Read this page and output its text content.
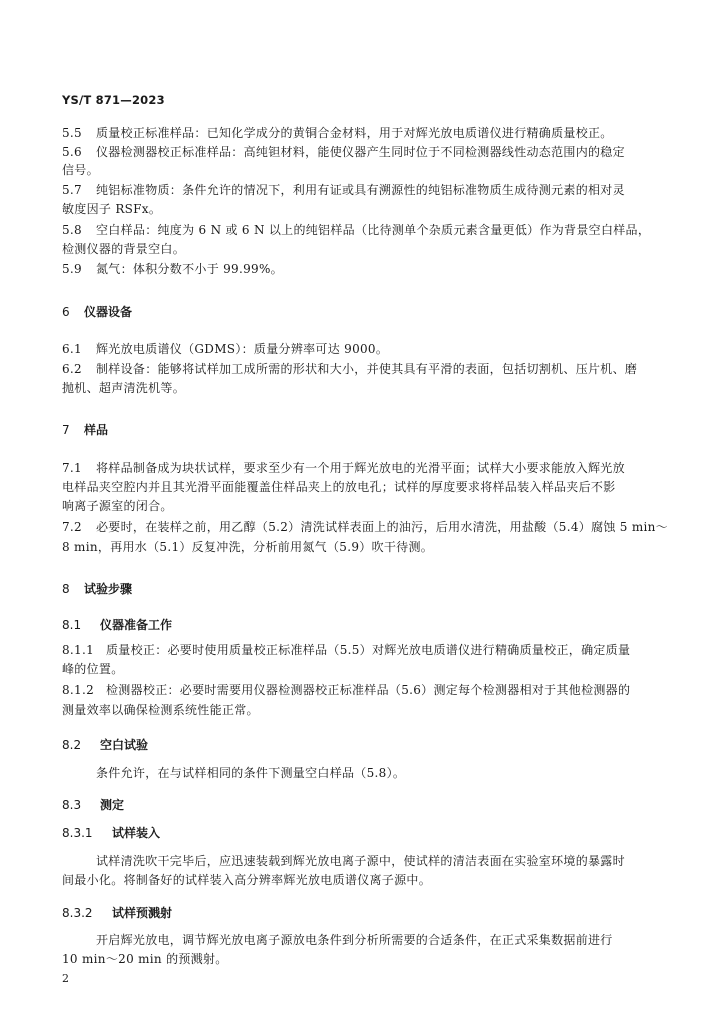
YS/T 871—2023
5.5 质量校正标准样品：已知化学成分的黄铜合金材料，用于对辉光放电质谱仪进行精确质量校正。
5.6 仪器检测器校正标准样品：高纯钽材料，能使仪器产生同时位于不同检测器线性动态范围内的稳定
信号。
5.7 纯铝标准物质：条件允许的情况下，利用有证或具有溯源性的纯铝标准物质生成待测元素的相对灵
敏度因子 RSFx。
5.8 空白样品：纯度为 6 N 或 6 N 以上的纯铝样品（比待测单个杂质元素含量更低）作为背景空白样品，
检测仪器的背景空白。
5.9 氮气：体积分数不小于 99.99%。
6 仪器设备
6.1 辉光放电质谱仪（GDMS）：质量分辨率可达 9000。
6.2 制样设备：能够将试样加工成所需的形状和大小，并使其具有平滑的表面，包括切割机、压片机、磨
抛机、超声清洗机等。
7 样品
7.1 将样品制备成为块状试样，要求至少有一个用于辉光放电的光滑平面；试样大小要求能放入辉光放
电样品夹空腔内并且其光滑平面能覆盖住样品夹上的放电孔；试样的厚度要求将样品装入样品夹后不影
响离子源室的闭合。
7.2 必要时，在装样之前，用乙醇（5.2）清洗试样表面上的油污，后用水清洗，用盐酸（5.4）腐蚀 5 min～
8 min，再用水（5.1）反复冲洗，分析前用氮气（5.9）吹干待测。
8 试验步骤
8.1 仪器准备工作
8.1.1 质量校正：必要时使用质量校正标准样品（5.5）对辉光放电质谱仪进行精确质量校正，确定质量
峰的位置。
8.1.2 检测器校正：必要时需要用仪器检测器校正标准样品（5.6）测定每个检测器相对于其他检测器的
测量效率以确保检测系统性能正常。
8.2 空白试验
条件允许，在与试样相同的条件下测量空白样品（5.8）。
8.3 测定
8.3.1 试样装入
试样清洗吹干完毕后，应迅速装载到辉光放电离子源中，使试样的清洁表面在实验室环境的暴露时
间最小化。将制备好的试样装入高分辨率辉光放电质谱仪离子源中。
8.3.2 试样预溅射
开启辉光放电，调节辉光放电离子源放电条件到分析所需要的合适条件，在正式采集数据前进行
10 min～20 min 的预溅射。
2
